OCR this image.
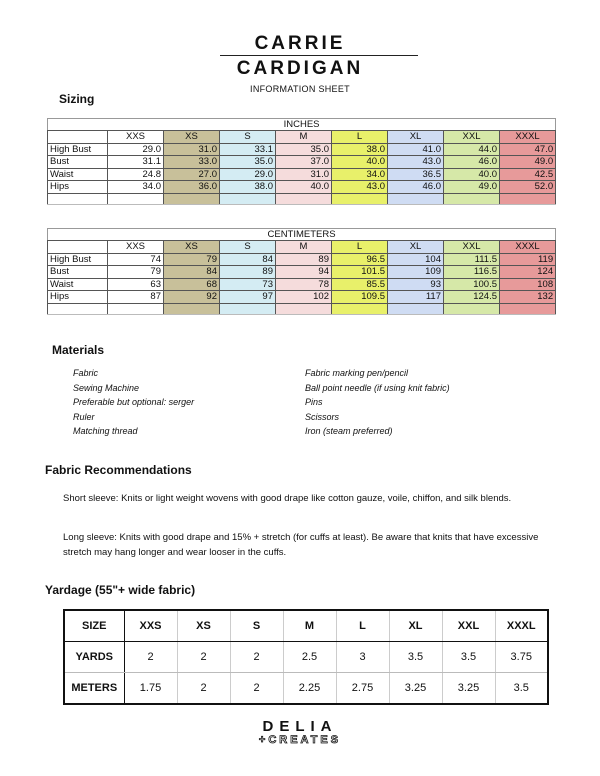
CARRIE
CARDIGAN
INFORMATION SHEET
Sizing
INCHES								
	XXS	XS	S	M	L	XL	XXL	XXXL
High Bust	29.0	31.0	33.1	35.0	38.0	41.0	44.0	47.0
Bust	31.1	33.0	35.0	37.0	40.0	43.0	46.0	49.0
Waist	24.8	27.0	29.0	31.0	34.0	36.5	40.0	42.5
Hips	34.0	36.0	38.0	40.0	43.0	46.0	49.0	52.0

CENTIMETERS								
	XXS	XS	S	M	L	XL	XXL	XXXL
High Bust	74	79	84	89	96.5	104	111.5	119
Bust	79	84	89	94	101.5	109	116.5	124
Waist	63	68	73	78	85.5	93	100.5	108
Hips	87	92	97	102	109.5	117	124.5	132

Materials
Fabric
Sewing Machine
Preferable but optional: serger
Ruler
Matching thread
Fabric marking pen/pencil
Ball point needle (if using knit fabric)
Pins
Scissors
Iron (steam preferred)
Fabric Recommendations
Short sleeve: Knits or light weight wovens with good drape like cotton gauze, voile, chiffon, and silk blends.
Long sleeve: Knits with good drape and 15% + stretch (for cuffs at least). Be aware that knits that have excessive stretch may hang longer and wear looser in the cuffs.
Yardage (55"+ wide fabric)
SIZE	XXS	XS	S	M	L	XL	XXL	XXXL
YARDS	2	2	2	2.5	3	3.5	3.5	3.75
METERS	1.75	2	2	2.25	2.75	3.25	3.25	3.5
DELIA
+CREATES
